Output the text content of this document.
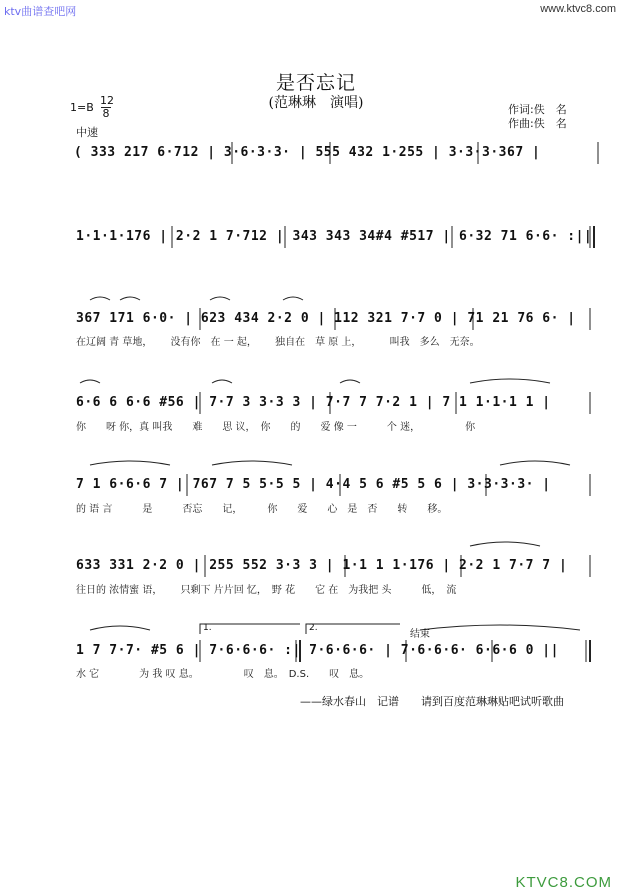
ktv曲谱查吧网	www.ktvc8.com
是否忘记
(范琳琳　演唱)
1=B
12
8
中速
作词:佚　名
作曲:佚　名
( 333 217 6·712 | 3·6·3·3· | 555 432 1·255 | 3·3·3·367 |
1·1·1·176 | 2·2 1 7·712 | 343 343 34#4 #517 | 6·32 71 6·6· :||
367 171 6·0· | 623 434 2·2 0 | 112 321 7·7 0 | 71 21 76 6· |
在辽阔 青 草地，　　 没有你　在 一 起，　　 独自在　草 原 上，　　　 叫我　多么　无奈。
6·6 6 6·6 #56 | 7·7 3 3·3 3 | 7·7 7 7·2 1 | 7 1 1·1·1 1 |
你　　呀 你，真 叫我　　难　　思 议，　你　　的　　爱 像 一　　　个 迷，　　　　　你
7 1 6·6·6 7 | 767 7 5 5·5 5 | 4·4 5 6 #5 5 6 | 3·3·3·3· |
的 语 言　　　是　　　否忘　　记，　　　你　　爱　　心　是　否　　转　　移。
633 331 2·2 0 | 255 552 3·3 3 | 1·1 1 1·176 | 2·2 1 7·7 7 |
往日的 浓情蜜 语，　　 只剩下 片片回 忆，　野 花　　它 在　为我把 头　　　低，　流
1.	2.
结束
1 7 7·7· #5 6 | 7·6·6·6· :| 7·6·6·6· | 7·6·6·6· 6·6·6 0 ||
水 它　　　　为 我 叹 息。　　　　　叹　息。　D.S.　　叹　息。
——绿水春山　记谱　　请到百度范琳琳贴吧试听歌曲
KTVC8.COM
